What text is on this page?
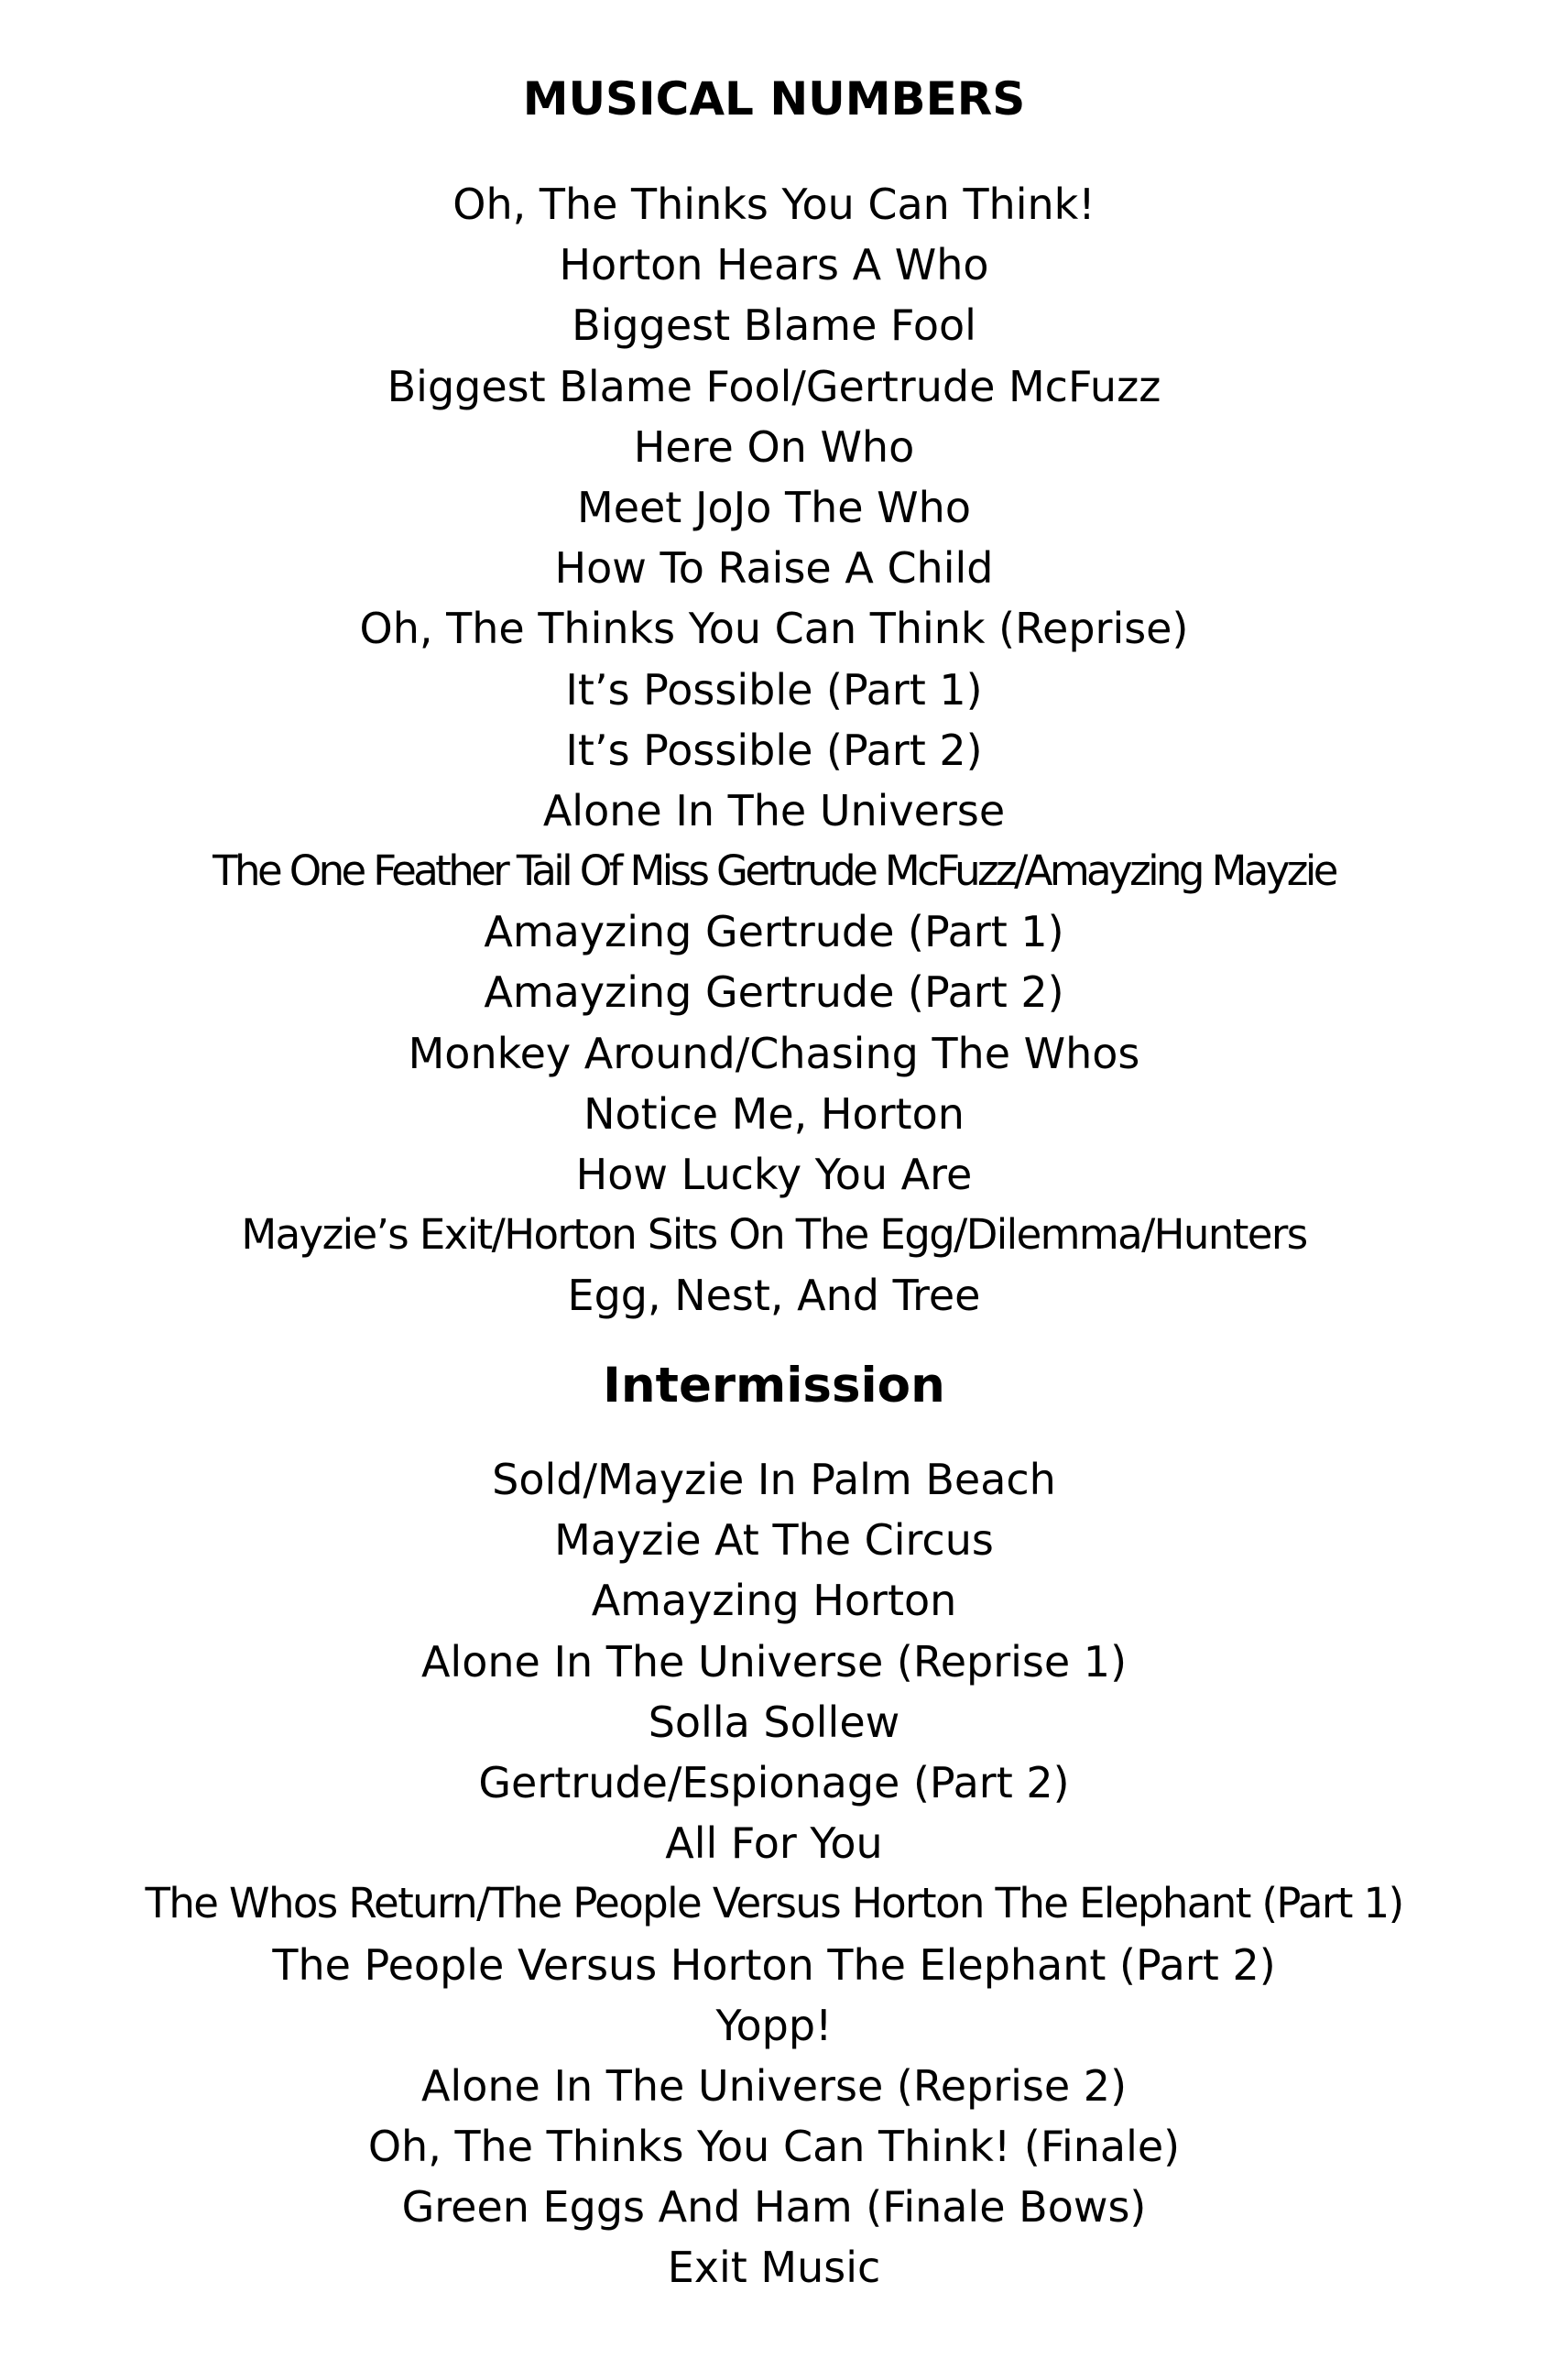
MUSICAL NUMBERS
Oh, The Thinks You Can Think!
Horton Hears A Who
Biggest Blame Fool
Biggest Blame Fool/Gertrude McFuzz
Here On Who
Meet JoJo The Who
How To Raise A Child
Oh, The Thinks You Can Think (Reprise)
It’s Possible (Part 1)
It’s Possible (Part 2)
Alone In The Universe
The One Feather Tail Of Miss Gertrude McFuzz/Amayzing Mayzie
Amayzing Gertrude (Part 1)
Amayzing Gertrude (Part 2)
Monkey Around/Chasing The Whos
Notice Me, Horton
How Lucky You Are
Mayzie’s Exit/Horton Sits On The Egg/Dilemma/Hunters
Egg, Nest, And Tree
Intermission
Sold/Mayzie In Palm Beach
Mayzie At The Circus
Amayzing Horton
Alone In The Universe (Reprise 1)
Solla Sollew
Gertrude/Espionage (Part 2)
All For You
The Whos Return/The People Versus Horton The Elephant (Part 1)
The People Versus Horton The Elephant (Part 2)
Yopp!
Alone In The Universe (Reprise 2)
Oh, The Thinks You Can Think! (Finale)
Green Eggs And Ham (Finale Bows)
Exit Music
